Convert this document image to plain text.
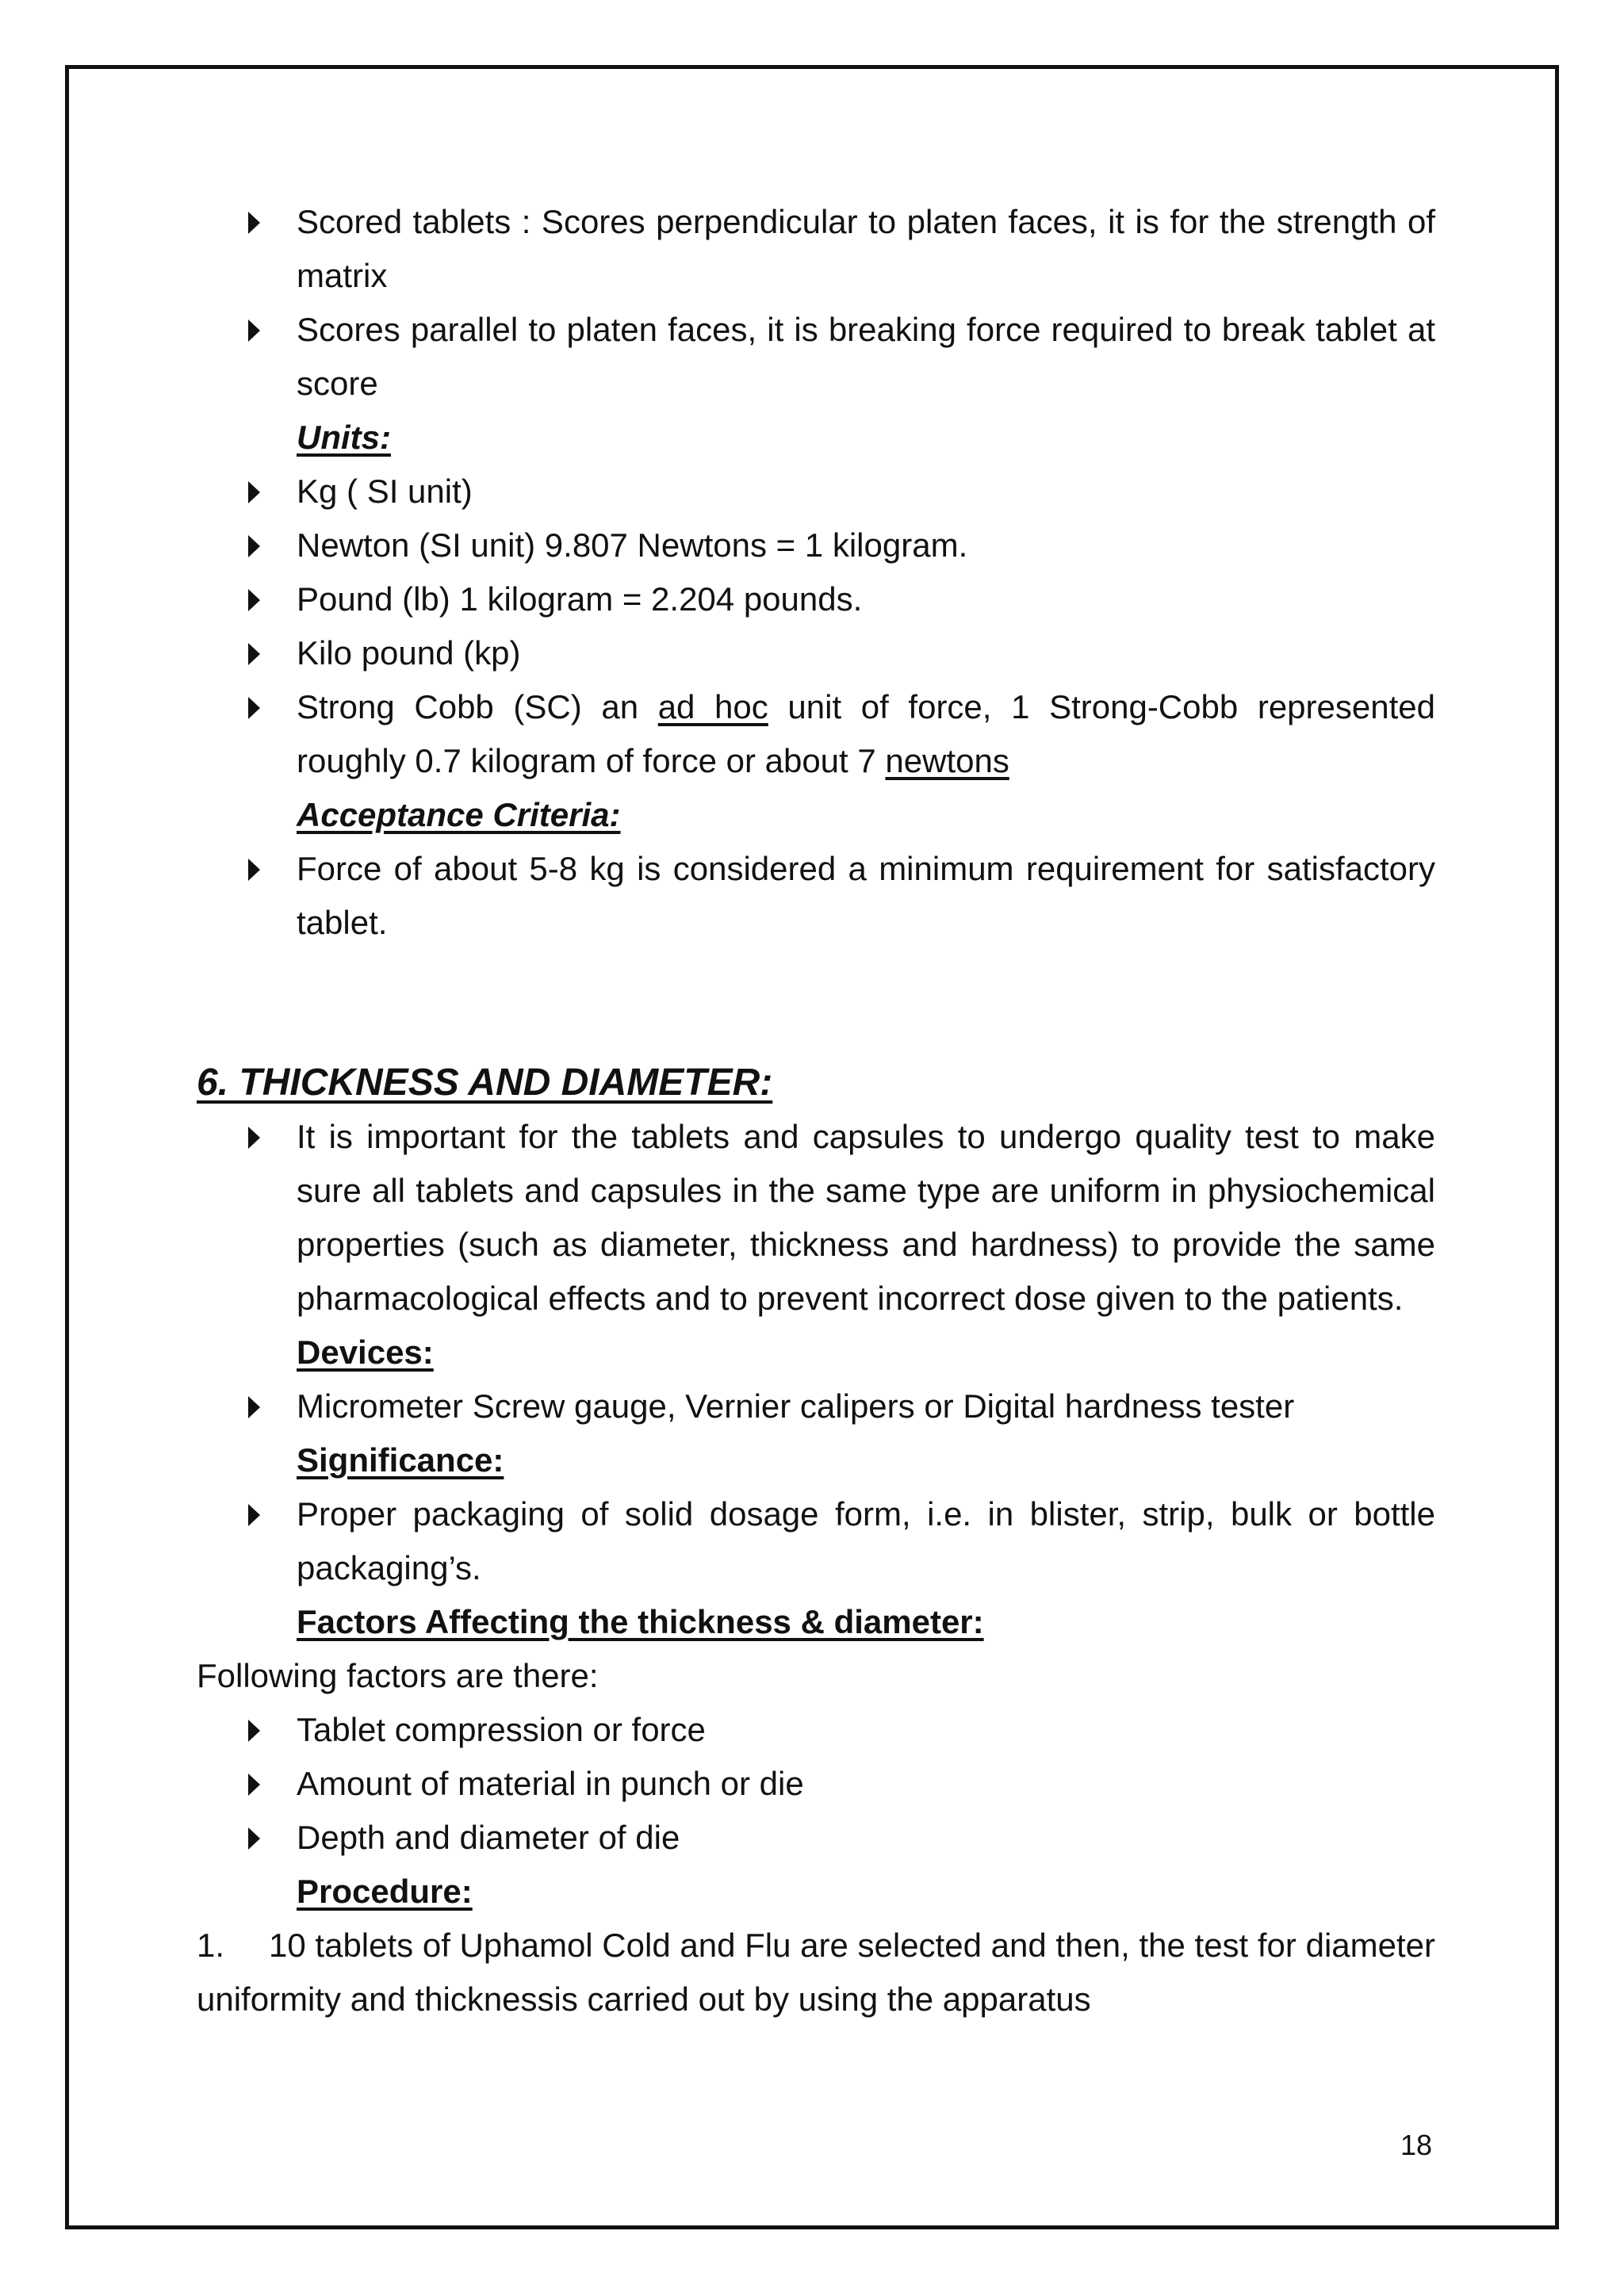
Scored tablets : Scores perpendicular to platen faces, it is for the strength of matrix
Scores parallel to platen faces, it is breaking force required to break tablet at score
Units:
Kg ( SI unit)
Newton (SI unit) 9.807 Newtons = 1 kilogram.
Pound (lb) 1 kilogram = 2.204 pounds.
Kilo pound (kp)
Strong Cobb (SC) an ad hoc unit of force, 1 Strong-Cobb represented roughly 0.7 kilogram of force or about 7 newtons
Acceptance Criteria:
Force of about 5-8 kg is considered a minimum requirement for satisfactory tablet.
6. THICKNESS AND DIAMETER:
It is important for the tablets and capsules to undergo quality test to make sure all tablets and capsules in the same type are uniform in physiochemical properties (such as diameter, thickness and hardness) to provide the same pharmacological effects and to prevent incorrect dose given to the patients.
Devices:
Micrometer Screw gauge, Vernier calipers or Digital hardness tester
Significance:
Proper packaging of solid dosage form, i.e. in blister, strip, bulk or bottle packaging’s.
Factors Affecting the thickness & diameter:
Following factors are there:
Tablet compression or force
Amount of material in punch or die
Depth and diameter of die
Procedure:
1. 10 tablets of Uphamol Cold and Flu are selected and then, the test for diameter uniformity and thicknessis carried out by using the apparatus
18
